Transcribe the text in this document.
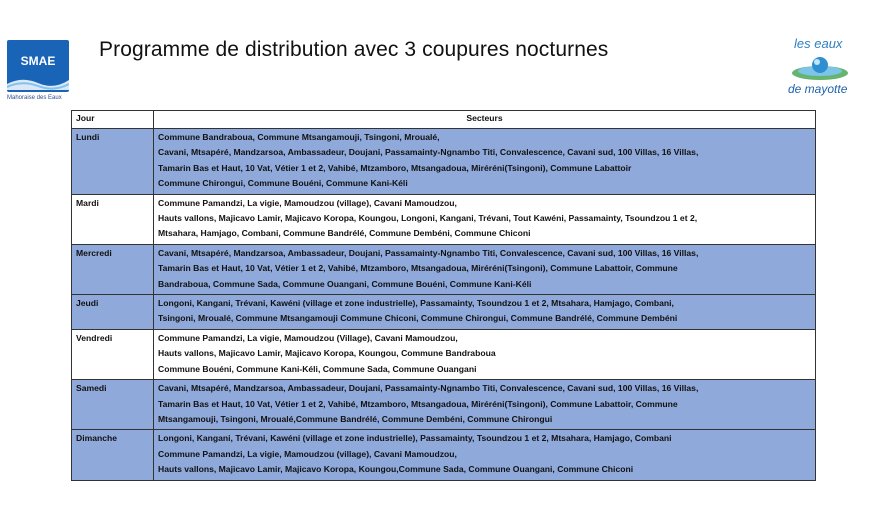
SMAE
Mahoraise des Eaux
Programme de distribution avec 3 coupures nocturnes	les eaux
de mayotte
Jour	Secteurs
Lundi	Commune Bandraboua, Commune Mtsangamouji, Tsingoni, Mroualé,
Cavani, Mtsapéré, Mandzarsoa, Ambassadeur, Doujani, Passamainty-Ngnambo Titi, Convalescence, Cavani sud, 100 Villas, 16 Villas,
Tamarin Bas et Haut, 10 Vat, Vétier 1 et 2, Vahibé, Mtzamboro, Mtsangadoua, Miréréni(Tsingoni), Commune Labattoir
Commune Chirongui, Commune Bouéni, Commune Kani-Kéli

Mardi	Commune Pamandzi, La vigie, Mamoudzou (village), Cavani Mamoudzou,
Hauts vallons, Majicavo Lamir, Majicavo Koropa, Koungou, Longoni, Kangani, Trévani, Tout Kawéni, Passamainty, Tsoundzou 1 et 2,
Mtsahara, Hamjago, Combani, Commune Bandrélé, Commune Dembéni, Commune Chiconi

Mercredi	Cavani, Mtsapéré, Mandzarsoa, Ambassadeur, Doujani, Passamainty-Ngnambo Titi, Convalescence, Cavani sud, 100 Villas, 16 Villas,
Tamarin Bas et Haut, 10 Vat, Vétier 1 et 2, Vahibé, Mtzamboro, Mtsangadoua, Miréréni(Tsingoni), Commune Labattoir, Commune
Bandraboua, Commune Sada, Commune Ouangani, Commune Bouéni, Commune Kani-Kéli

Jeudi	Longoni, Kangani, Trévani, Kawéni (village et zone industrielle), Passamainty, Tsoundzou 1 et 2, Mtsahara, Hamjago, Combani,
Tsingoni, Mroualé, Commune Mtsangamouji Commune Chiconi, Commune Chirongui, Commune Bandrélé, Commune Dembéni

Vendredi	Commune Pamandzi, La vigie, Mamoudzou (Village), Cavani Mamoudzou,
Hauts vallons, Majicavo Lamir, Majicavo Koropa, Koungou, Commune Bandraboua
Commune Bouéni, Commune Kani-Kéli, Commune Sada, Commune Ouangani

Samedi	Cavani, Mtsapéré, Mandzarsoa, Ambassadeur, Doujani, Passamainty-Ngnambo Titi, Convalescence, Cavani sud, 100 Villas, 16 Villas,
Tamarin Bas et Haut, 10 Vat, Vétier 1 et 2, Vahibé, Mtzamboro, Mtsangadoua, Miréréni(Tsingoni), Commune Labattoir, Commune
Mtsangamouji, Tsingoni, Mroualé,Commune Bandrélé, Commune Dembéni, Commune Chirongui

Dimanche	Longoni, Kangani, Trévani, Kawéni (village et zone industrielle), Passamainty, Tsoundzou 1 et 2, Mtsahara, Hamjago, Combani
Commune Pamandzi, La vigie, Mamoudzou (village), Cavani Mamoudzou,
Hauts vallons, Majicavo Lamir, Majicavo Koropa, Koungou,Commune Sada, Commune Ouangani, Commune Chiconi
